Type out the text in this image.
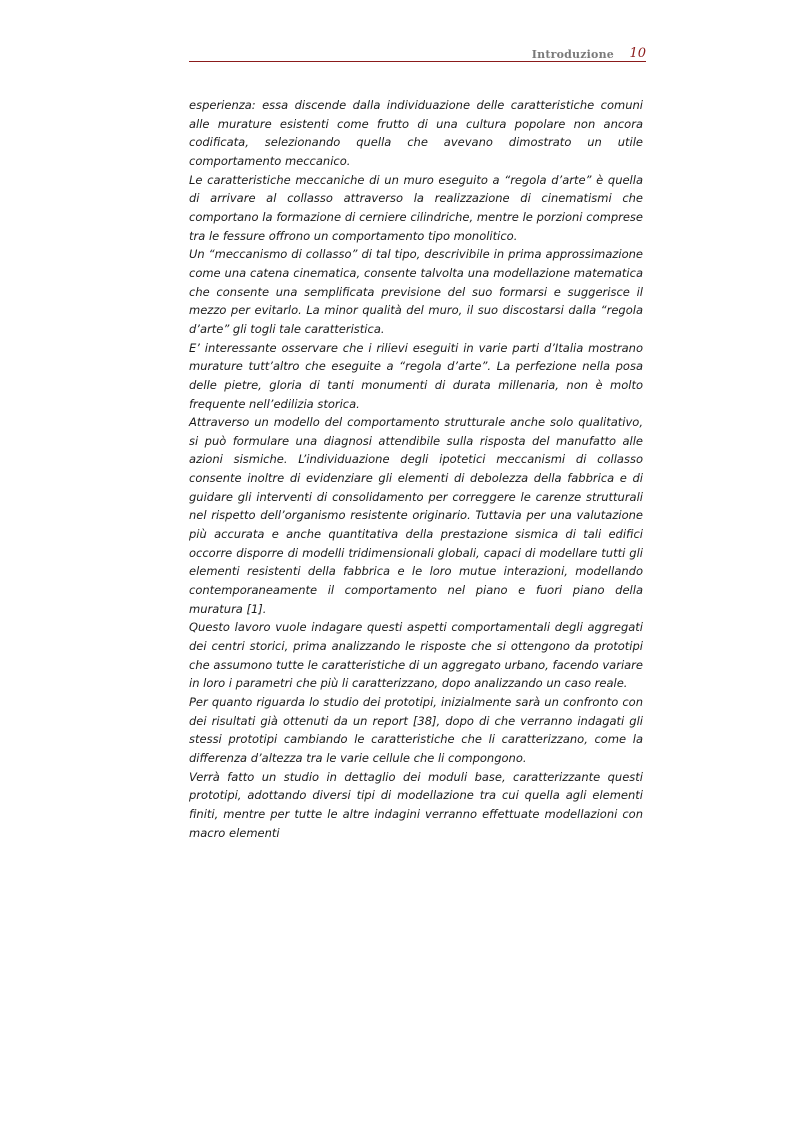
Introduzione 10

esperienza: essa discende dalla individuazione delle caratteristiche comuni alle murature esistenti come frutto di una cultura popolare non ancora codificata, selezionando quella che avevano dimostrato un utile comportamento meccanico.

Le caratteristiche meccaniche di un muro eseguito a “regola d’arte” è quella di arrivare al collasso attraverso la realizzazione di cinematismi che comportano la formazione di cerniere cilindriche, mentre le porzioni comprese tra le fessure offrono un comportamento tipo monolitico.

Un “meccanismo di collasso” di tal tipo, descrivibile in prima approssimazione come una catena cinematica, consente talvolta una modellazione matematica che consente una semplificata previsione del suo formarsi e suggerisce il mezzo per evitarlo. La minor qualità del muro, il suo discostarsi dalla “regola d’arte” gli togli tale caratteristica.

E’ interessante osservare che i rilievi eseguiti in varie parti d’Italia mostrano murature tutt’altro che eseguite a “regola d’arte”. La perfezione nella posa delle pietre, gloria di tanti monumenti di durata millenaria, non è molto frequente nell’edilizia storica.

Attraverso un modello del comportamento strutturale anche solo qualitativo, si può formulare una diagnosi attendibile sulla risposta del manufatto alle azioni sismiche. L’individuazione degli ipotetici meccanismi di collasso consente inoltre di evidenziare gli elementi di debolezza della fabbrica e di guidare gli interventi di consolidamento per correggere le carenze strutturali nel rispetto dell’organismo resistente originario. Tuttavia per una valutazione più accurata e anche quantitativa della prestazione sismica di tali edifici occorre disporre di modelli tridimensionali globali, capaci di modellare tutti gli elementi resistenti della fabbrica e le loro mutue interazioni, modellando contemporaneamente il comportamento nel piano e fuori piano della muratura [1].

Questo lavoro vuole indagare questi aspetti comportamentali degli aggregati dei centri storici, prima analizzando le risposte che si ottengono da prototipi che assumono tutte le caratteristiche di un aggregato urbano, facendo variare in loro i parametri che più li caratterizzano, dopo analizzando un caso reale.

Per quanto riguarda lo studio dei prototipi, inizialmente sarà un confronto con dei risultati già ottenuti da un report [38], dopo di che verranno indagati gli stessi prototipi cambiando le caratteristiche che li caratterizzano, come la differenza d’altezza tra le varie cellule che li compongono.

Verrà fatto un studio in dettaglio dei moduli base, caratterizzante questi prototipi, adottando diversi tipi di modellazione tra cui quella agli elementi finiti, mentre per tutte le altre indagini verranno effettuate modellazioni con macro elementi
